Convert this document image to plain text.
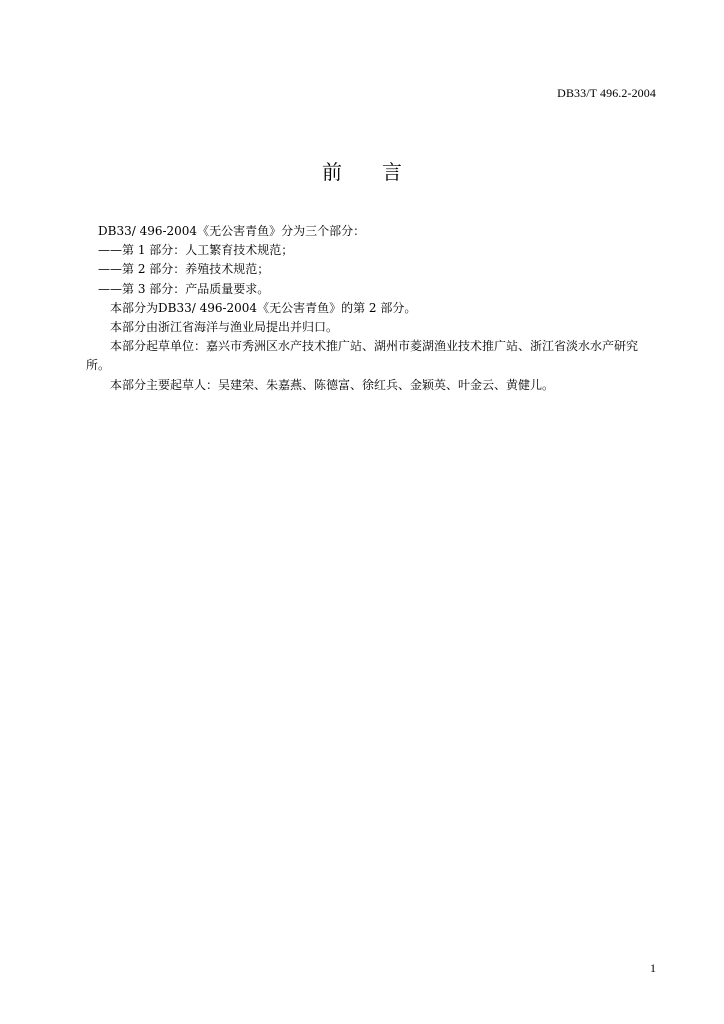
DB33/T 496.2-2004
前 言

DB33/ 496-2004《无公害青鱼》分为三个部分：

——第 1 部分：人工繁育技术规范；

——第 2 部分：养殖技术规范；

——第 3 部分：产品质量要求。

本部分为DB33/ 496-2004《无公害青鱼》的第 2 部分。

本部分由浙江省海洋与渔业局提出并归口。

本部分起草单位：嘉兴市秀洲区水产技术推广站、湖州市菱湖渔业技术推广站、浙江省淡水水产研究所。

本部分主要起草人：吴建荣、朱嘉燕、陈德富、徐红兵、金颖英、叶金云、黄健儿。

1
